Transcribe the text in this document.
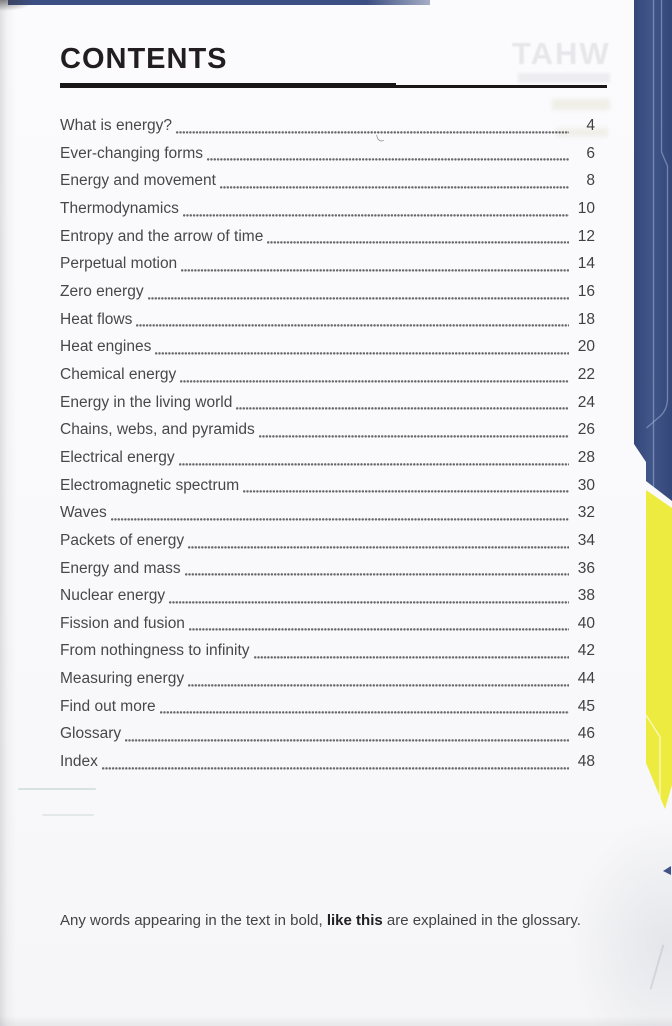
TAHW
CONTENTS
What is energy?	4
Ever-changing forms	6
Energy and movement	8
Thermodynamics	10
Entropy and the arrow of time	12
Perpetual motion	14
Zero energy	16
Heat flows	18
Heat engines	20
Chemical energy	22
Energy in the living world	24
Chains, webs, and pyramids	26
Electrical energy	28
Electromagnetic spectrum	30
Waves	32
Packets of energy	34
Energy and mass	36
Nuclear energy	38
Fission and fusion	40
From nothingness to infinity	42
Measuring energy	44
Find out more	45
Glossary	46
Index	48
Any words appearing in the text in bold, like this are explained in the glossary.
